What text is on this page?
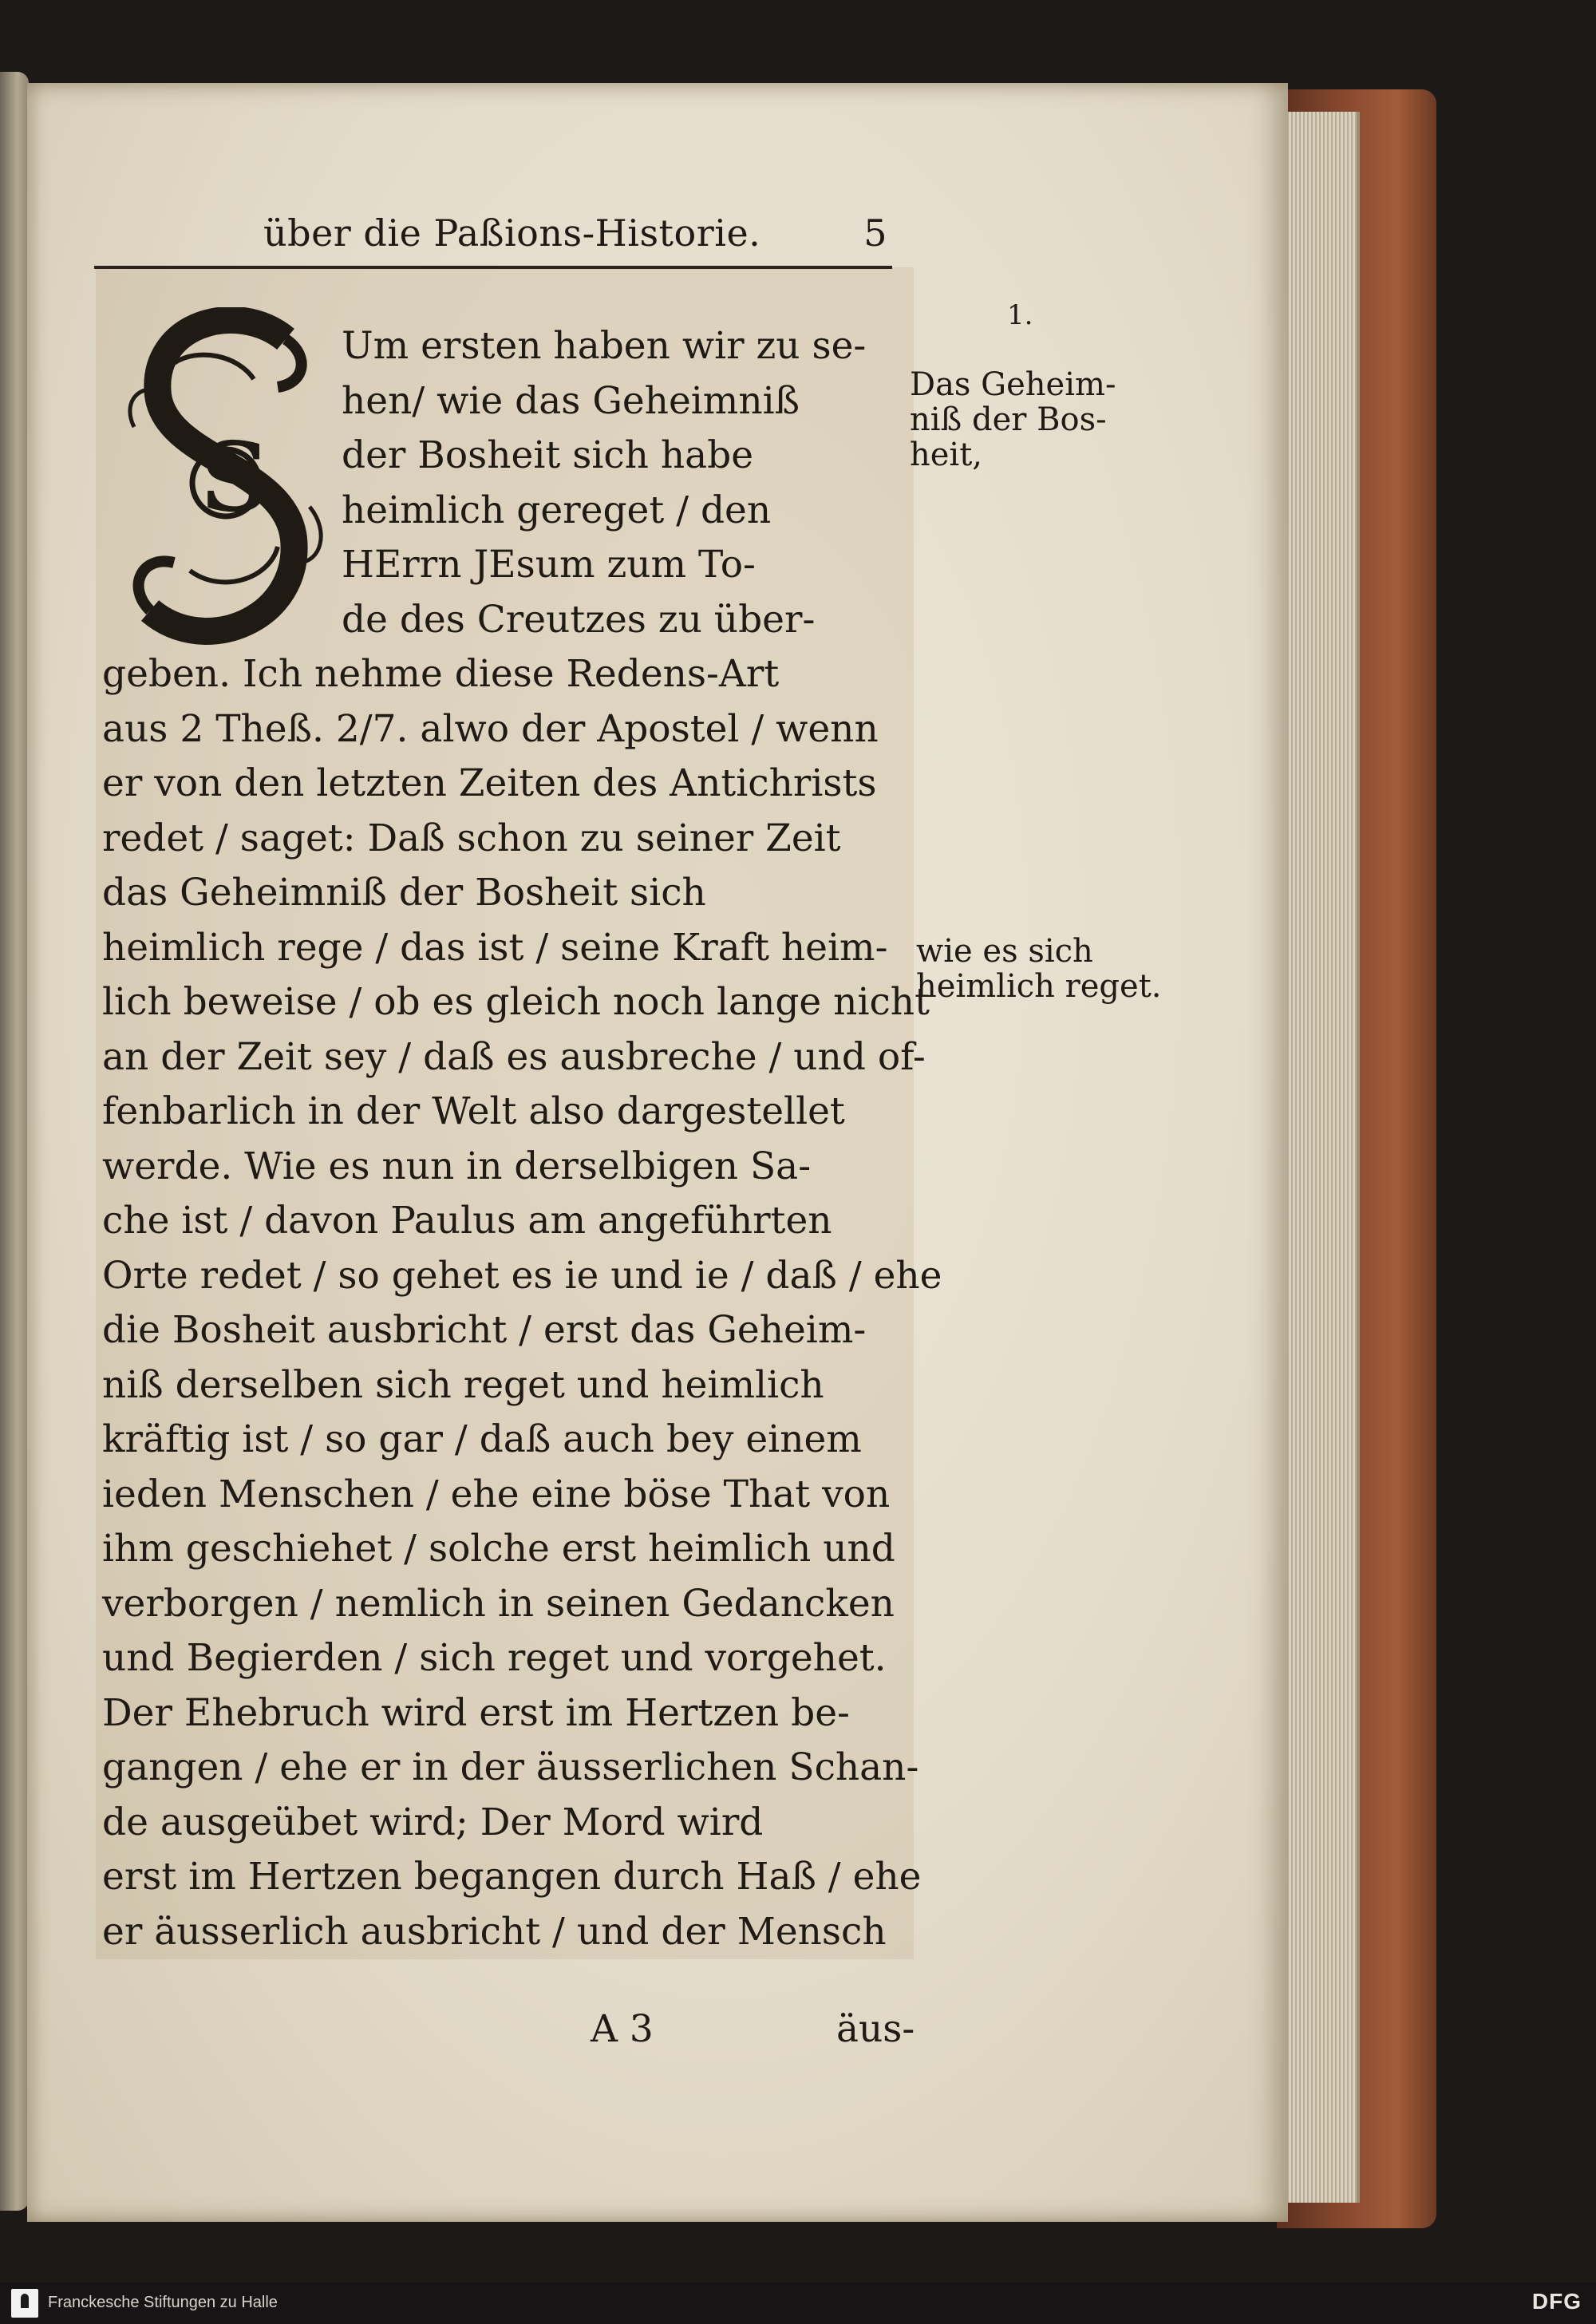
über die Paßions-Historie.	5
S
Um ersten haben wir zu se-
hen/ wie das Geheimniß
der Bosheit sich habe
heimlich gereget / den
HErrn JEsum zum To-
de des Creutzes zu über-
geben. Ich nehme diese Redens-Art
aus 2 Theß. 2/7. alwo der Apostel / wenn
er von den letzten Zeiten des Antichrists
redet / saget: Daß schon zu seiner Zeit
das Geheimniß der Bosheit sich
heimlich rege / das ist / seine Kraft heim-
lich beweise / ob es gleich noch lange nicht
an der Zeit sey / daß es ausbreche / und of-
fenbarlich in der Welt also dargestellet
werde. Wie es nun in derselbigen Sa-
che ist / davon Paulus am angeführten
Orte redet / so gehet es ie und ie / daß / ehe
die Bosheit ausbricht / erst das Geheim-
niß derselben sich reget und heimlich
kräftig ist / so gar / daß auch bey einem
ieden Menschen / ehe eine böse That von
ihm geschiehet / solche erst heimlich und
verborgen / nemlich in seinen Gedancken
und Begierden / sich reget und vorgehet.
Der Ehebruch wird erst im Hertzen be-
gangen / ehe er in der äusserlichen Schan-
de ausgeübet wird; Der Mord wird
erst im Hertzen begangen durch Haß / ehe
er äusserlich ausbricht / und der Mensch
1.
Das Geheim-
niß der Bos-
heit,
wie es sich
heimlich reget.
A 3	äus-
Franckesche Stiftungen zu Halle	DFG
